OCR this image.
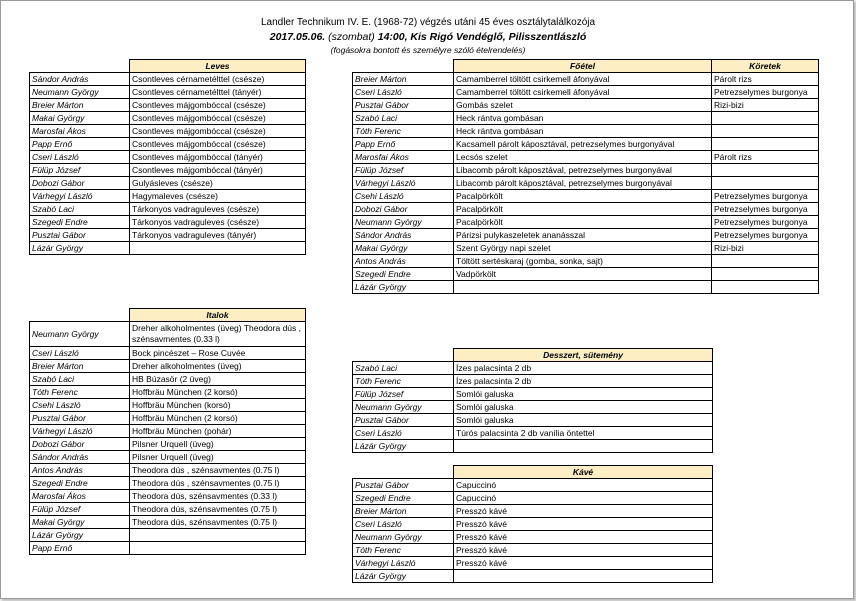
Landler Technikum IV. E. (1968-72) végzés utáni 45 éves osztálytalálkozója
2017.05.06. (szombat) 14:00, Kis Rigó Vendéglő, Pilisszentlászló
(fogásokra bontott és személyre szóló ételrendelés)
	Leves
Sándor András	Csontleves cérnametélttel (csésze)
Neumann György	Csontleves cérnametélttel (tányér)
Breier Márton	Csontleves májgombóccal (csésze)
Makai György	Csontleves májgombóccal (csésze)
Marosfai Ákos	Csontleves májgombóccal (csésze)
Papp Ernő	Csontleves májgombóccal (csésze)
Cseri László	Csontleves májgombóccal (tányér)
Fülüp József	Csontleves májgombóccal (tányér)
Dobozi Gábor	Gulyásleves (csésze)
Várhegyi László	Hagymaleves (csésze)
Szabó Laci	Tárkonyos vadraguleves (csésze)
Szegedi Endre	Tárkonyos vadraguleves (csésze)
Pusztai Gábor	Tárkonyos vadraguleves (tányér)
Lázár György	
	Főétel	Köretek
Breier Márton	Camamberrel töltött csirkemell áfonyával	Párolt rizs
Cseri László	Camamberrel töltött csirkemell áfonyával	Petrezselymes burgonya
Pusztai Gábor	Gombás szelet	Rizi-bizi
Szabó Laci	Heck rántva gombásan	
Tóth Ferenc	Heck rántva gombásan	
Papp Ernő	Kacsamell párolt káposztával, petrezselymes burgonyával	
Marosfai Ákos	Lecsós szelet	Párolt rizs
Fülüp József	Libacomb párolt káposztával, petrezselymes burgonyával	
Várhegyi László	Libacomb párolt káposztával, petrezselymes burgonyával	
Csehi László	Pacalpörkölt	Petrezselymes burgonya
Dobozi Gábor	Pacalpörkölt	Petrezselymes burgonya
Neumann György	Pacalpörkölt	Petrezselymes burgonya
Sándor András	Párizsi pulykaszeletek ananásszal	Petrezselymes burgonya
Makai György	Szent György napi szelet	Rizi-bizi
Antos András	Töltött sertéskaraj (gomba, sonka, sajt)	
Szegedi Endre	Vadpörkölt	
Lázár György		
	Italok
Neumann György	Dreher alkoholmentes (üveg) Theodora dús , szénsavmentes (0.33 l)
Cseri László	Bock pincészet – Rose Cuvée
Breier Márton	Dreher alkoholmentes (üveg)
Szabó Laci	HB Búzasör (2 üveg)
Tóth Ferenc	Hoffbräu München (2 korsó)
Csehi László	Hoffbräu München (korsó)
Pusztai Gábor	Hoffbräu München (2 korsó)
Várhegyi László	Hoffbräu München (pohár)
Dobozi Gábor	Pilsner Urquell (üveg)
Sándor András	Pilsner Urquell (üveg)
Antos András	Theodora dús , szénsavmentes (0.75 l)
Szegedi Endre	Theodora dús , szénsavmentes (0.75 l)
Marosfai Ákos	Theodora dús, szénsavmentes (0.33 l)
Fülüp József	Theodora dús, szénsavmentes (0.75 l)
Makai György	Theodora dús, szénsavmentes (0.75 l)
Lázár György	
Papp Ernő	
	Desszert, sütemény
Szabó Laci	Ízes palacsinta 2 db
Tóth Ferenc	Ízes palacsinta 2 db
Fülüp József	Somlói galuska
Neumann György	Somlói galuska
Pusztai Gábor	Somlói galuska
Cseri László	Túrós palacsinta 2 db vanília öntettel
Lázár György	
	Kávé
Pusztai Gábor	Capuccinó
Szegedi Endre	Capuccinó
Breier Márton	Presszó kávé
Cseri László	Presszó kávé
Neumann György	Presszó kávé
Tóth Ferenc	Presszó kávé
Várhegyi László	Presszó kávé
Lázár György	
